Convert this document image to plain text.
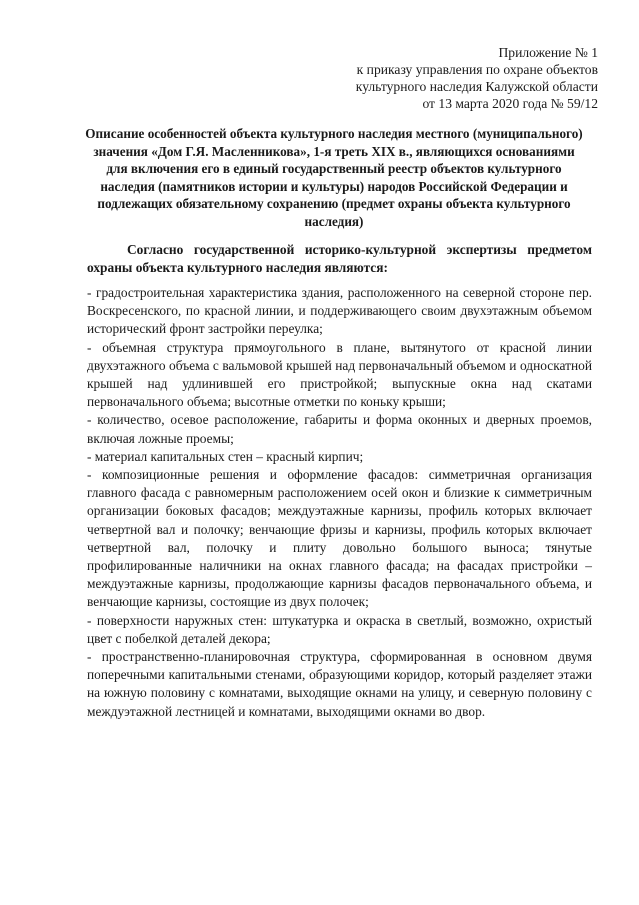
Приложение № 1
к приказу управления по охране объектов
культурного наследия Калужской области
от 13 марта 2020 года № 59/12
Описание особенностей объекта культурного наследия местного (муниципального) значения «Дом Г.Я. Масленникова», 1-я треть XIX в., являющихся основаниями для включения его в единый государственный реестр объектов культурного наследия (памятников истории и культуры) народов Российской Федерации и подлежащих обязательному сохранению (предмет охраны объекта культурного наследия)
Согласно государственной историко-культурной экспертизы предметом охраны объекта культурного наследия являются:

- градостроительная характеристика здания, расположенного на северной стороне пер. Воскресенского, по красной линии, и поддерживающего своим двухэтажным объемом исторический фронт застройки переулка;

- объемная структура прямоугольного в плане, вытянутого от красной линии двухэтажного объема с вальмовой крышей над первоначальный объемом и односкатной крышей над удлинившей его пристройкой; выпускные окна над скатами первоначального объема; высотные отметки по коньку крыши;

- количество, осевое расположение, габариты и форма оконных и дверных проемов, включая ложные проемы;

- материал капитальных стен – красный кирпич;

- композиционные решения и оформление фасадов: симметричная организация главного фасада с равномерным расположением осей окон и близкие к симметричным организации боковых фасадов; междуэтажные карнизы, профиль которых включает четвертной вал и полочку; венчающие фризы и карнизы, профиль которых включает четвертной вал, полочку и плиту довольно большого выноса; тянутые профилированные наличники на окнах главного фасада; на фасадах пристройки – междуэтажные карнизы, продолжающие карнизы фасадов первоначального объема, и венчающие карнизы, состоящие из двух полочек;

- поверхности наружных стен: штукатурка и окраска в светлый, возможно, охристый цвет с побелкой деталей декора;

- пространственно-планировочная структура, сформированная в основном двумя поперечными капитальными стенами, образующими коридор, который разделяет этажи на южную половину с комнатами, выходящие окнами на улицу, и северную половину с междуэтажной лестницей и комнатами, выходящими окнами во двор.
